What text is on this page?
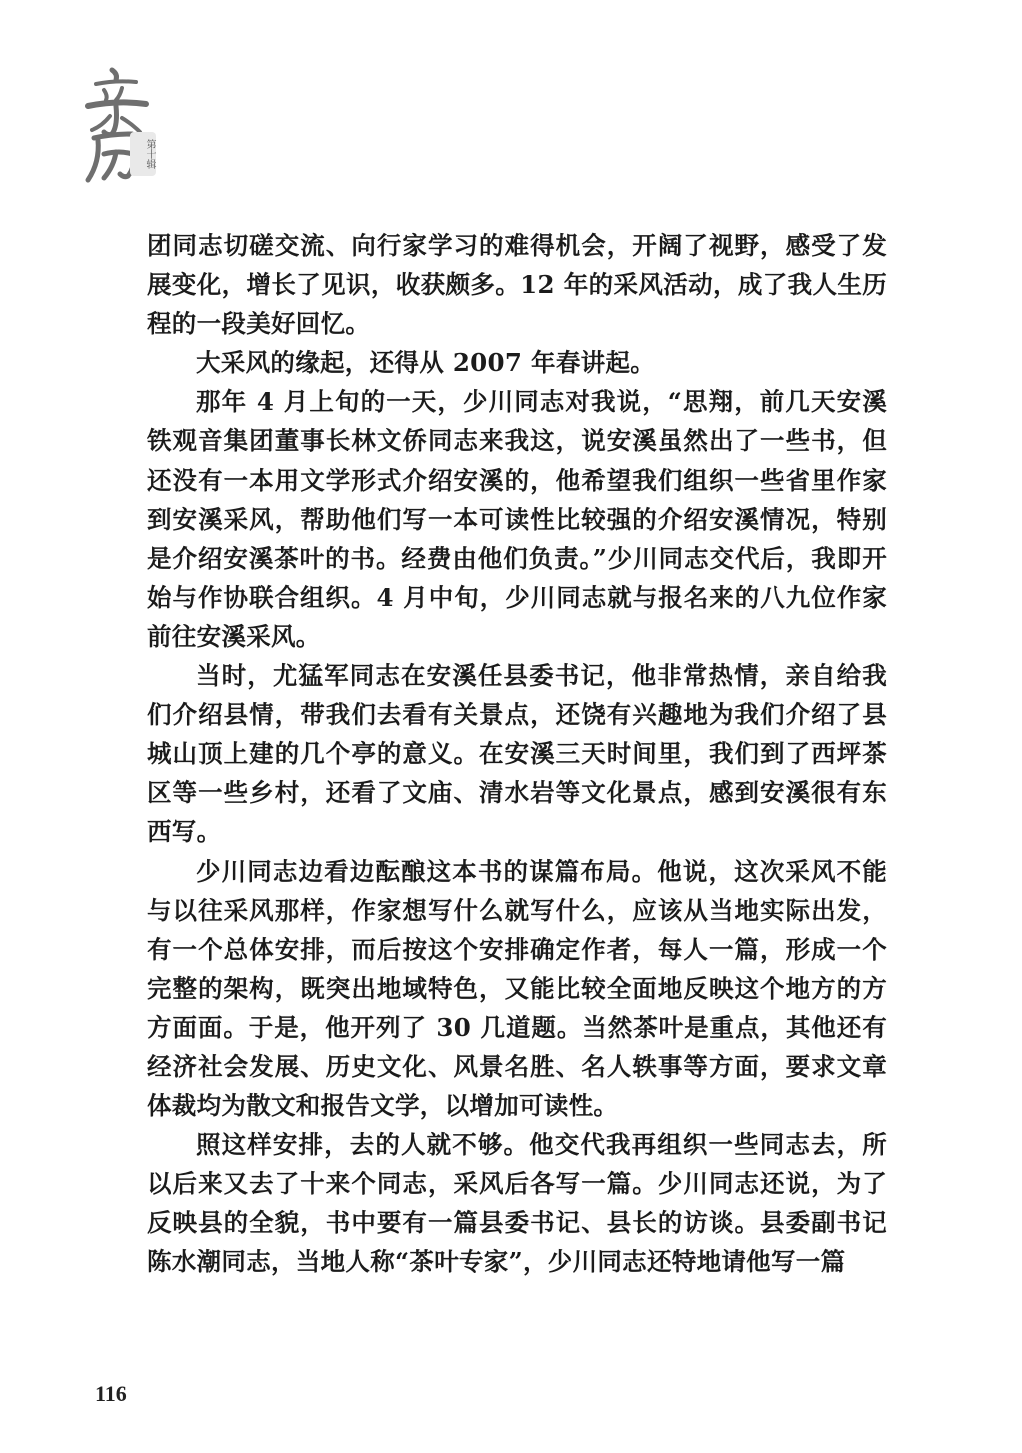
第十辑

团同志切磋交流、向行家学习的难得机会，开阔了视野，感受了发展变化，增长了见识，收获颇多。12 年的采风活动，成了我人生历程的一段美好回忆。

大采风的缘起，还得从 2007 年春讲起。

那年 4 月上旬的一天，少川同志对我说，“思翔，前几天安溪铁观音集团董事长林文侨同志来我这，说安溪虽然出了一些书，但还没有一本用文学形式介绍安溪的，他希望我们组织一些省里作家到安溪采风，帮助他们写一本可读性比较强的介绍安溪情况，特别是介绍安溪茶叶的书。经费由他们负责。”少川同志交代后，我即开始与作协联合组织。4 月中旬，少川同志就与报名来的八九位作家前往安溪采风。

当时，尤猛军同志在安溪任县委书记，他非常热情，亲自给我们介绍县情，带我们去看有关景点，还饶有兴趣地为我们介绍了县城山顶上建的几个亭的意义。在安溪三天时间里，我们到了西坪茶区等一些乡村，还看了文庙、清水岩等文化景点，感到安溪很有东西写。

少川同志边看边酝酿这本书的谋篇布局。他说，这次采风不能与以往采风那样，作家想写什么就写什么，应该从当地实际出发，有一个总体安排，而后按这个安排确定作者，每人一篇，形成一个完整的架构，既突出地域特色，又能比较全面地反映这个地方的方方面面。于是，他开列了 30 几道题。当然茶叶是重点，其他还有经济社会发展、历史文化、风景名胜、名人轶事等方面，要求文章体裁均为散文和报告文学，以增加可读性。

照这样安排，去的人就不够。他交代我再组织一些同志去，所以后来又去了十来个同志，采风后各写一篇。少川同志还说，为了反映县的全貌，书中要有一篇县委书记、县长的访谈。县委副书记陈水潮同志，当地人称“茶叶专家”，少川同志还特地请他写一篇

116
